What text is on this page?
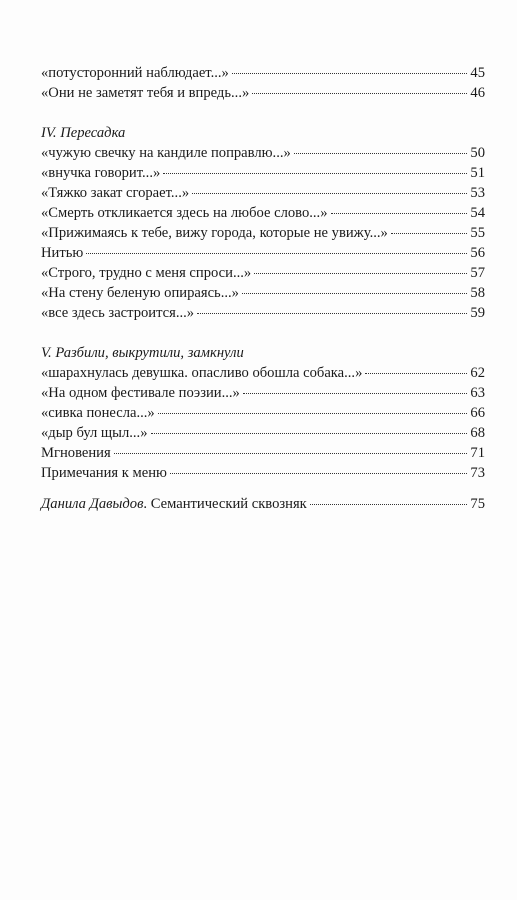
«потусторонний наблюдает...»	45
«Они не заметят тебя и впредь...»	46
IV. Пересадка
«чужую свечку на кандиле поправлю...»	50
«внучка говорит...»	51
«Тяжко закат сгорает...»	53
«Смерть откликается здесь на любое слово...»	54
«Прижимаясь к тебе, вижу города, которые не увижу...»	55
Нитью	56
«Строго, трудно с меня спроси...»	57
«На стену беленую опираясь...»	58
«все здесь застроится...»	59
V. Разбили, выкрутили, замкнули
«шарахнулась девушка. опасливо обошла собака...»	62
«На одном фестивале поэзии...»	63
«сивка понесла...»	66
«дыр бул щыл...»	68
Мгновения	71
Примечания к меню	73
Данила Давыдов. Семантический сквозняк	75
